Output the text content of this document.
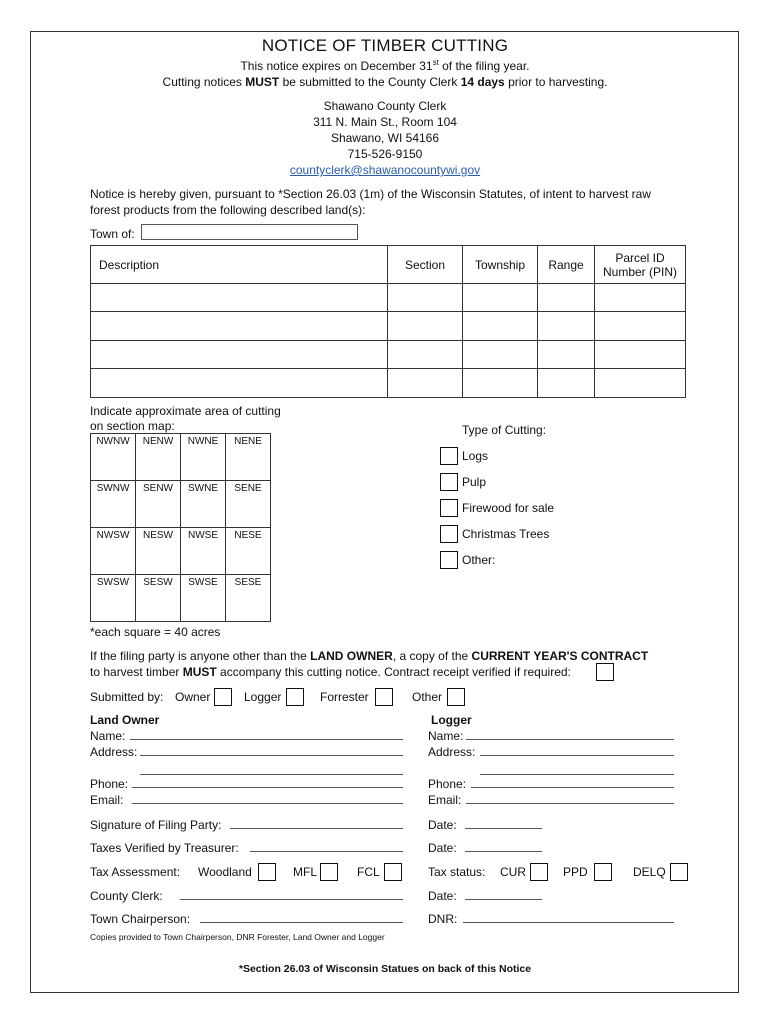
NOTICE OF TIMBER CUTTING
This notice expires on December 31st of the filing year.
Cutting notices MUST be submitted to the County Clerk 14 days prior to harvesting.
Shawano County Clerk
311 N. Main St., Room 104
Shawano, WI 54166
715-526-9150
countyclerk@shawanocountywi.gov
Notice is hereby given, pursuant to *Section 26.03 (1m) of the Wisconsin Statutes, of intent to harvest raw
forest products from the following described land(s):
Town of:
Description	Section	Township	Range	Parcel ID
Number (PIN)

Indicate approximate area of cutting
on section map:
NWNW	NENW	NWNE	NENE
SWNW	SENW	SWNE	SENE
NWSW	NESW	NWSE	NESE
SWSW	SESW	SWSE	SESE
*each square = 40 acres
Type of Cutting:
Logs
Pulp
Firewood for sale
Christmas Trees
Other:
If the filing party is anyone other than the LAND OWNER, a copy of the CURRENT YEAR'S CONTRACT
to harvest timber MUST accompany this cutting notice. Contract receipt verified if required:
Submitted by: Owner	Logger	Forrester	Other
Land Owner
Name:
Address:
Phone:
Email:
Logger
Name:
Address:
Phone:
Email:
Signature of Filing Party:	Date:
Taxes Verified by Treasurer:	Date:
Tax Assessment: Woodland	MFL	FCL	Tax status: CUR	PPD	DELQ
County Clerk:	Date:
Town Chairperson:	DNR:
Copies provided to Town Chairperson, DNR Forester, Land Owner and Logger
*Section 26.03 of Wisconsin Statues on back of this Notice
